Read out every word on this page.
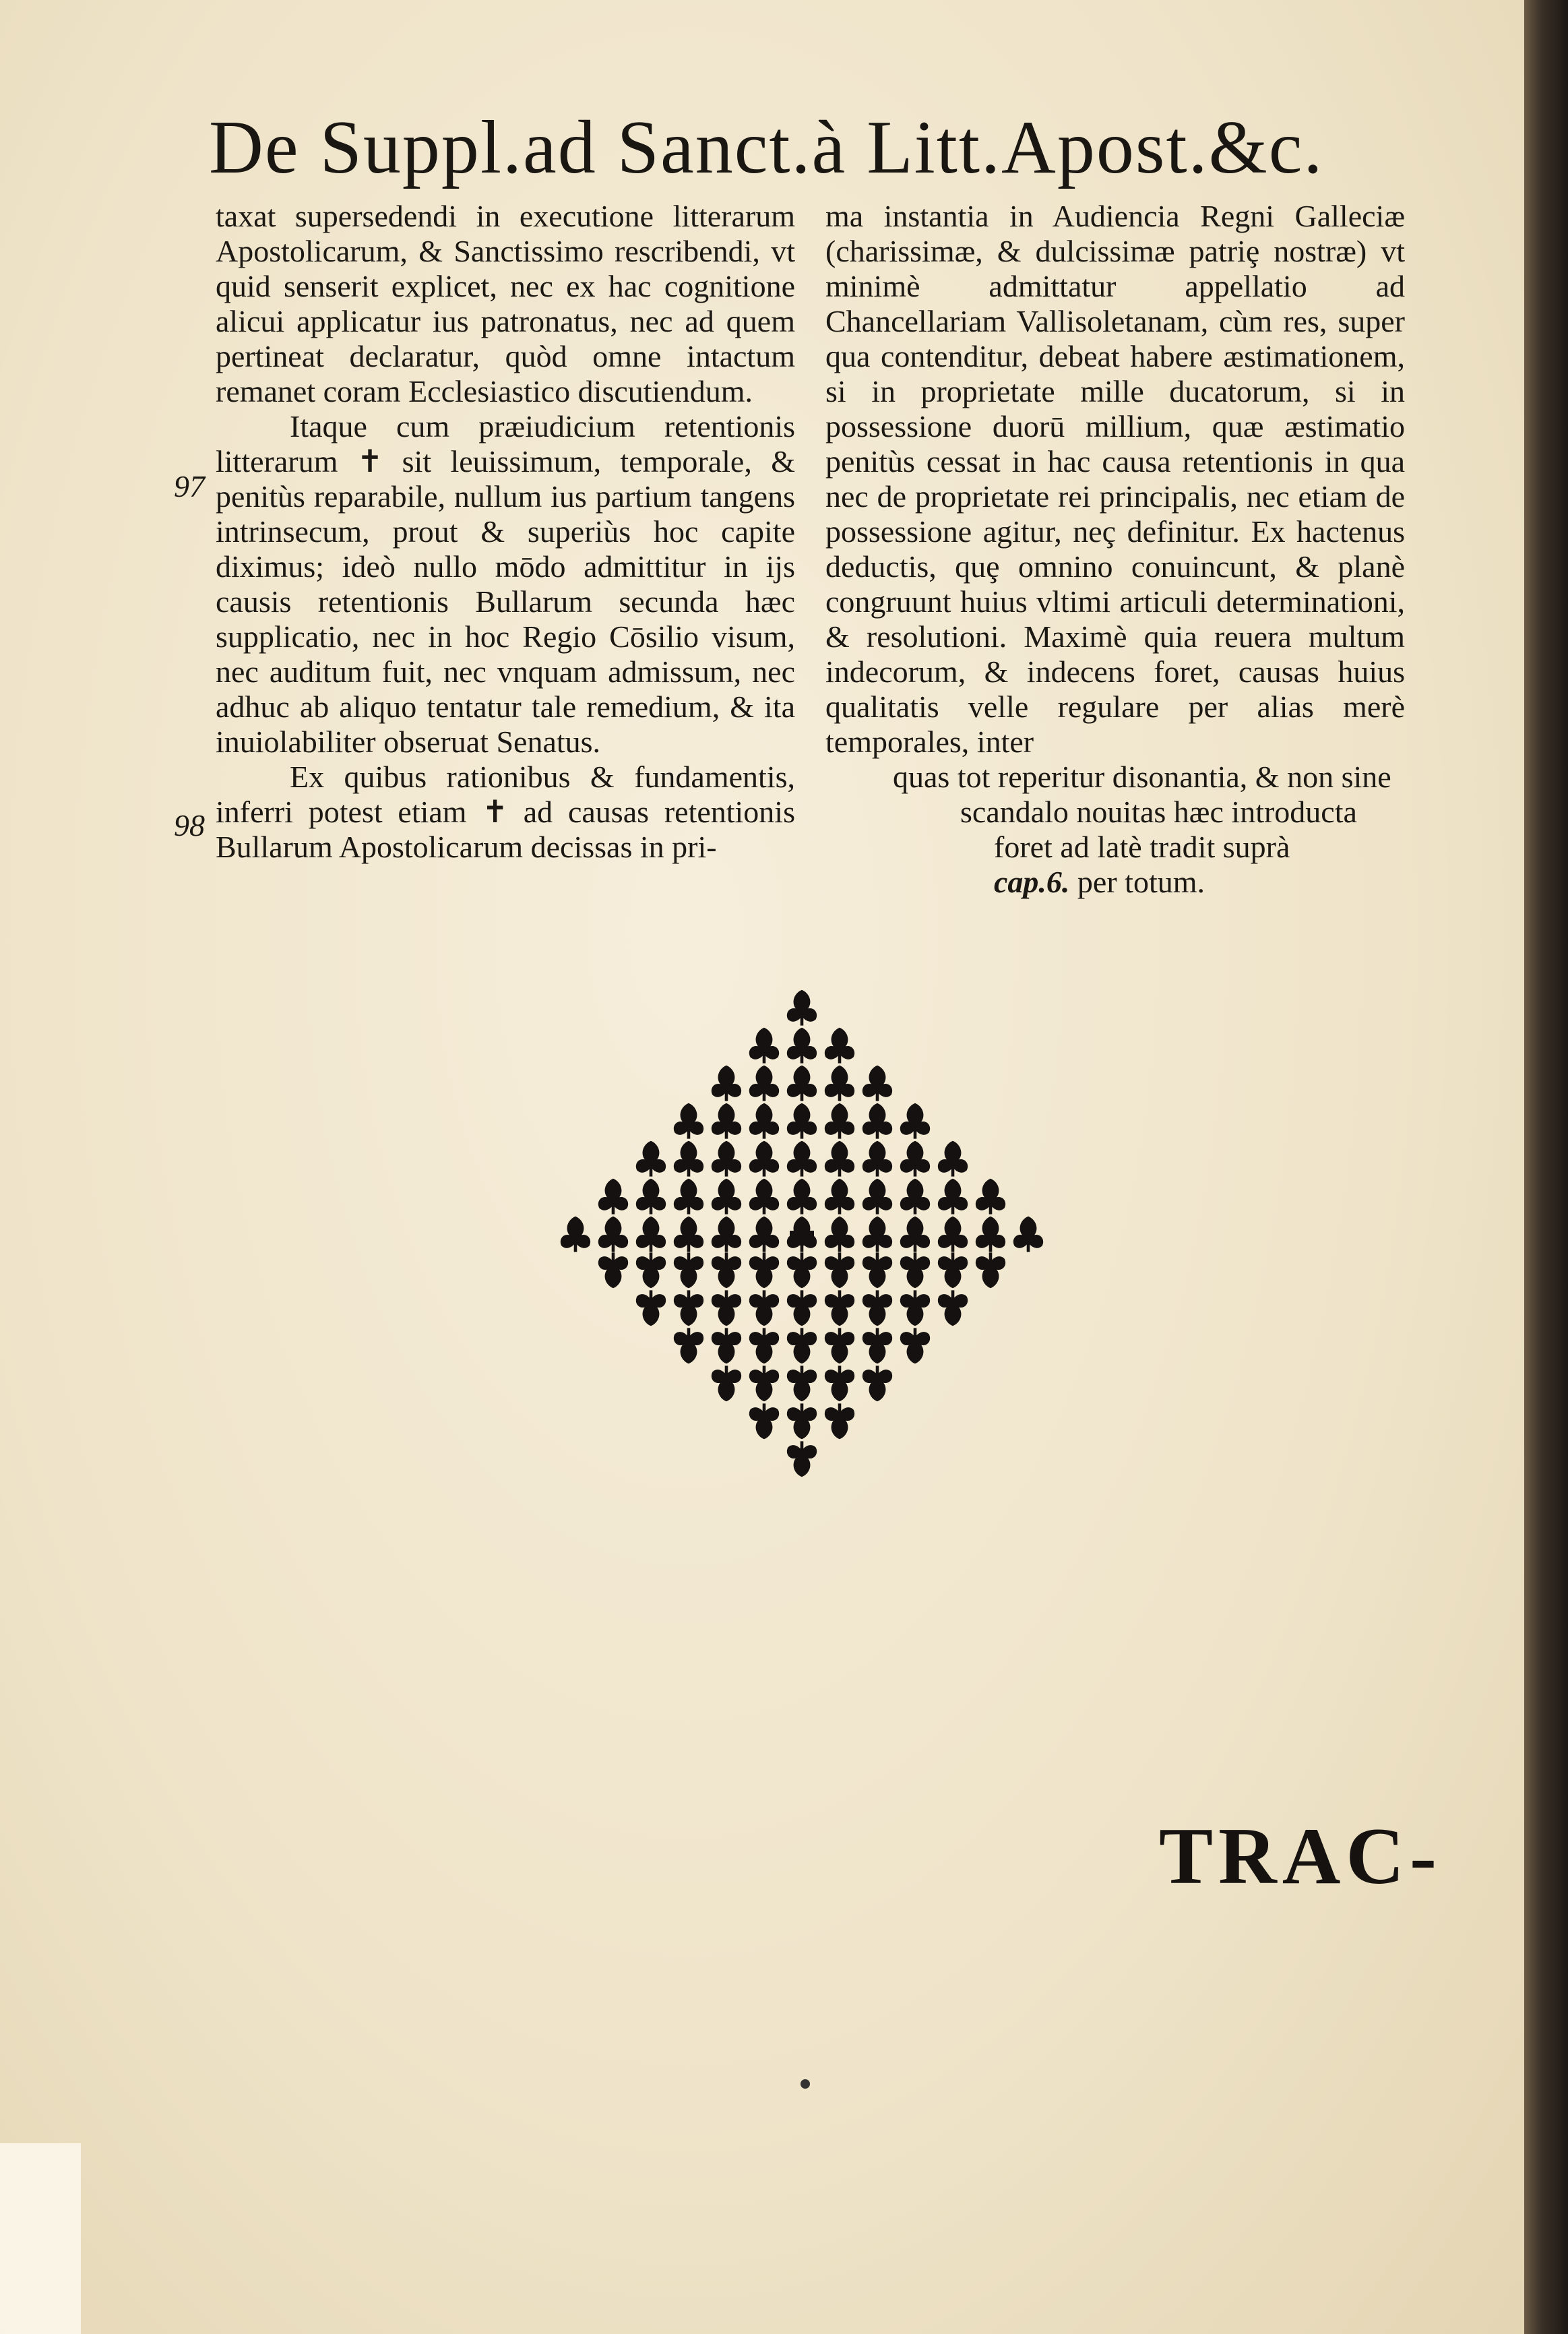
De Suppl.ad Sanct.à Litt.Apost.&c.

taxat supersedendi in executione litterarum Apostolicarum, & Sanctissimo rescribendi, vt quid senserit explicet, nec ex hac cognitione alicui applicatur ius patronatus, nec ad quem pertineat declaratur, quòd omne intactum remanet coram Ecclesiastico discutiendum.

Itaque cum præiudicium retentionis litterarum ✝ sit leuissimum, temporale, & penitùs reparabile, nullum ius partium tangens intrinsecum, prout & superiùs hoc capite diximus; ideò nullo mōdo admittitur in ijs causis retentionis Bullarum secunda hæc supplicatio, nec in hoc Regio Cōsilio visum, nec auditum fuit, nec vnquam admissum, nec adhuc ab aliquo tentatur tale remedium, & ita inuiolabiliter obseruat Senatus.

Ex quibus rationibus & fundamentis, inferri potest etiam ✝ ad causas retentionis Bullarum Apostolicarum decissas in pri-

97
98

ma instantia in Audiencia Regni Galleciæ (charissimæ, & dulcissimæ patriȩ nostræ) vt minimè admittatur appellatio ad Chancellariam Vallisoletanam, cùm res, super qua contenditur, debeat habere æstimationem, si in proprietate mille ducatorum, si in possessione duorū millium, quæ æstimatio penitùs cessat in hac causa retentionis in qua nec de proprietate rei principalis, nec etiam de possessione agitur, neç definitur. Ex hactenus deductis, quȩ omnino conuincunt, & planè congruunt huius vltimi articuli determinationi, & resolutioni. Maximè quia reuera multum indecorum, & indecens foret, causas huius qualitatis velle regulare per alias merè temporales, inter

quas tot reperitur disonantia, & non sine
scandalo nouitas hæc introducta
foret ad latè tradit suprà
cap.6. per totum.
TRAC-
